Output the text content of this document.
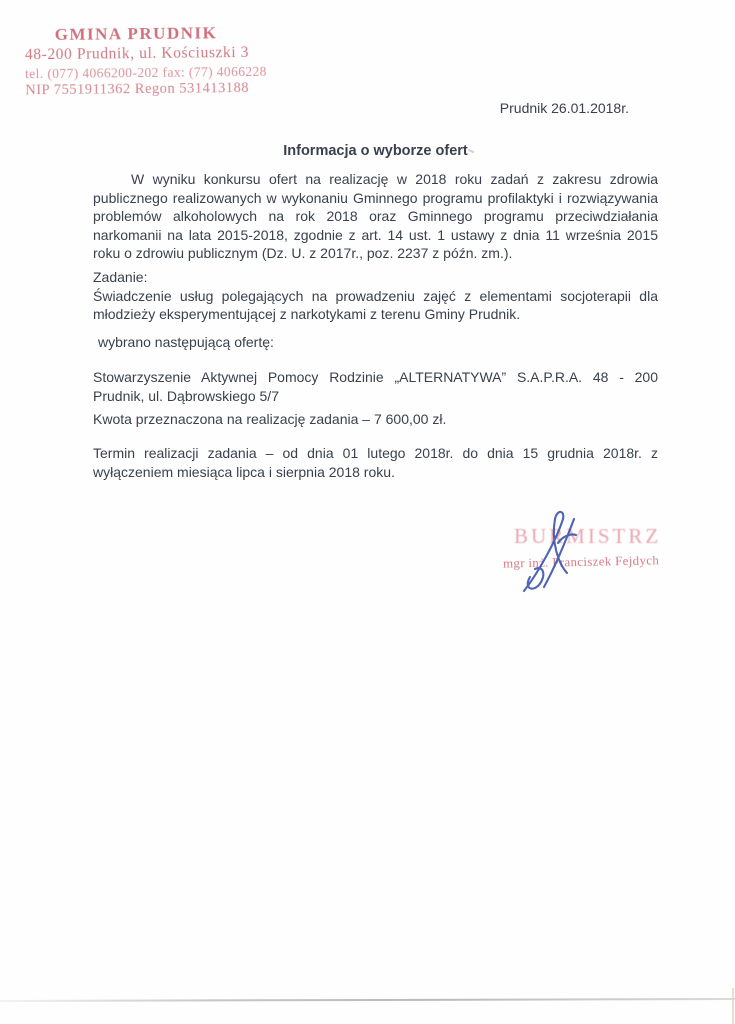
GMINA PRUDNIK
48-200 Prudnik, ul. Kościuszki 3
tel. (077) 4066200-202 fax: (77) 4066228
NIP 7551911362 Regon 531413188
Prudnik 26.01.2018r.
Informacja o wyborze ofert

W wyniku konkursu ofert na realizację w 2018 roku zadań z zakresu zdrowia publicznego realizowanych w wykonaniu Gminnego programu profilaktyki i rozwiązywania problemów alkoholowych na rok 2018 oraz Gminnego programu przeciwdziałania narkomanii na lata 2015-2018, zgodnie z art. 14 ust. 1 ustawy z dnia 11 września 2015 roku o zdrowiu publicznym (Dz. U. z 2017r., poz. 2237 z późn. zm.).

Zadanie:

Świadczenie usług polegających na prowadzeniu zajęć z elementami socjoterapii dla młodzieży eksperymentującej z narkotykami z terenu Gminy Prudnik.

wybrano następującą ofertę:

Stowarzyszenie Aktywnej Pomocy Rodzinie „ALTERNATYWA” S.A.P.R.A. 48 - 200 Prudnik, ul. Dąbrowskiego 5/7

Kwota przeznaczona na realizację zadania – 7 600,00 zł.

Termin realizacji zadania – od dnia 01 lutego 2018r. do dnia 15 grudnia 2018r. z wyłączeniem miesiąca lipca i sierpnia 2018 roku.

BURMISTRZ
mgr inż. Franciszek Fejdych
